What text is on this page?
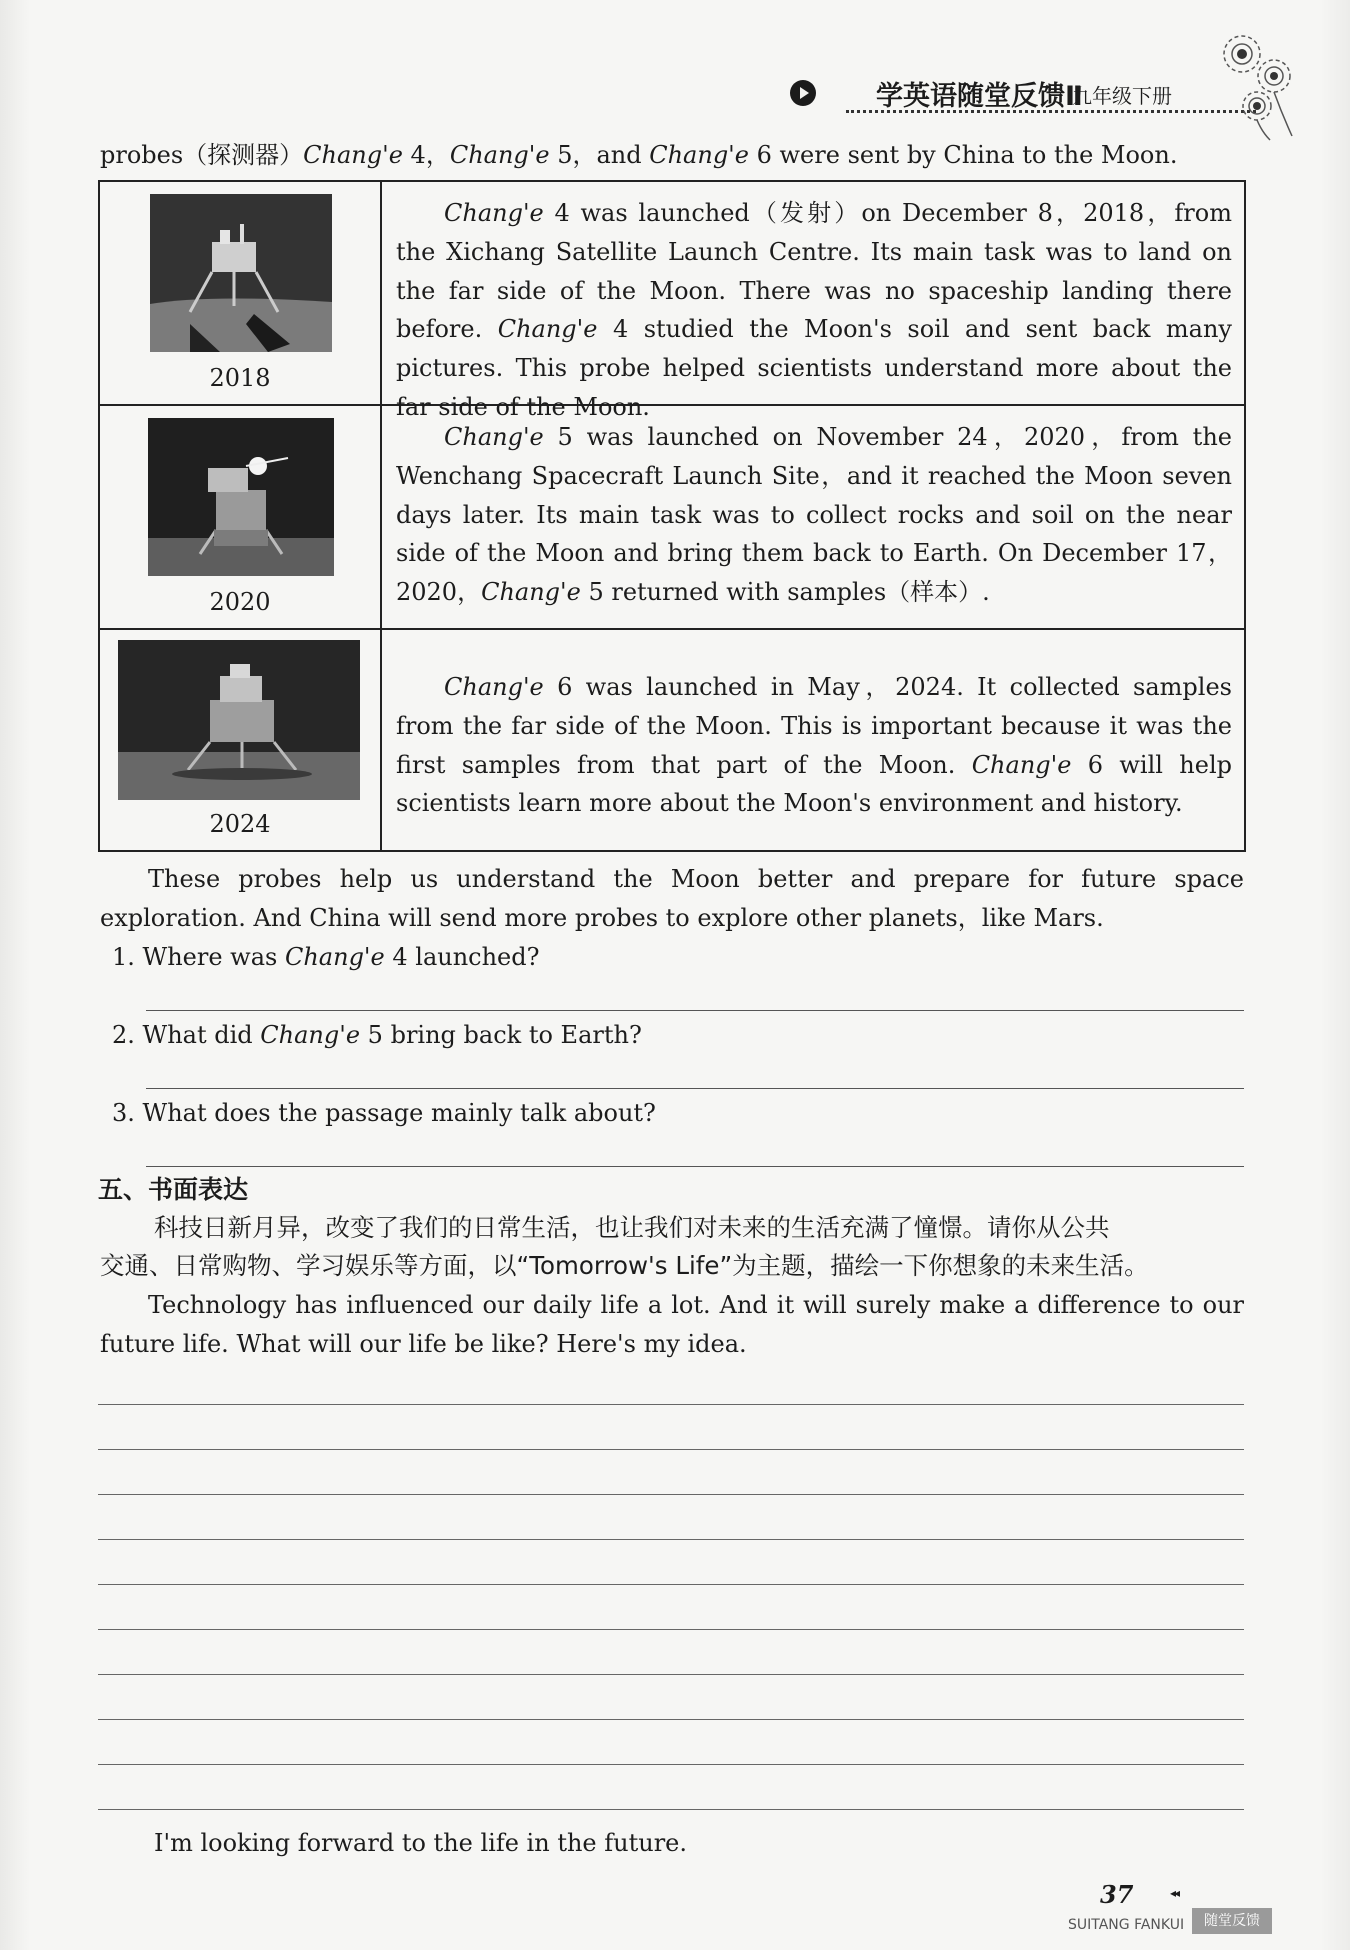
学英语随堂反馈Ⅱ
九年级下册
probes（探测器）Chang'e 4，Chang'e 5，and Chang'e 6 were sent by China to the Moon.
2018
Chang'e 4 was launched（发射）on December 8，2018，from the Xichang Satellite Launch Centre. Its main task was to land on the far side of the Moon. There was no spaceship landing there before. Chang'e 4 studied the Moon's soil and sent back many pictures. This probe helped scientists understand more about the far side of the Moon.
2020
Chang'e 5 was launched on November 24，2020，from the Wenchang Spacecraft Launch Site，and it reached the Moon seven days later. Its main task was to collect rocks and soil on the near side of the Moon and bring them back to Earth. On December 17，2020，Chang'e 5 returned with samples（样本）.
2024
Chang'e 6 was launched in May，2024. It collected samples from the far side of the Moon. This is important because it was the first samples from that part of the Moon. Chang'e 6 will help scientists learn more about the Moon's environment and history.
These probes help us understand the Moon better and prepare for future space exploration. And China will send more probes to explore other planets，like Mars.
1. Where was Chang'e 4 launched?
2. What did Chang'e 5 bring back to Earth?
3. What does the passage mainly talk about?
五、书面表达
科技日新月异，改变了我们的日常生活，也让我们对未来的生活充满了憧憬。请你从公共
交通、日常购物、学习娱乐等方面，以“Tomorrow's Life”为主题，描绘一下你想象的未来生活。
Technology has influenced our daily life a lot. And it will surely make a difference to our future life. What will our life be like? Here's my idea.
I'm looking forward to the life in the future.
37	◂◂
SUITANG FANKUI	随堂反馈
